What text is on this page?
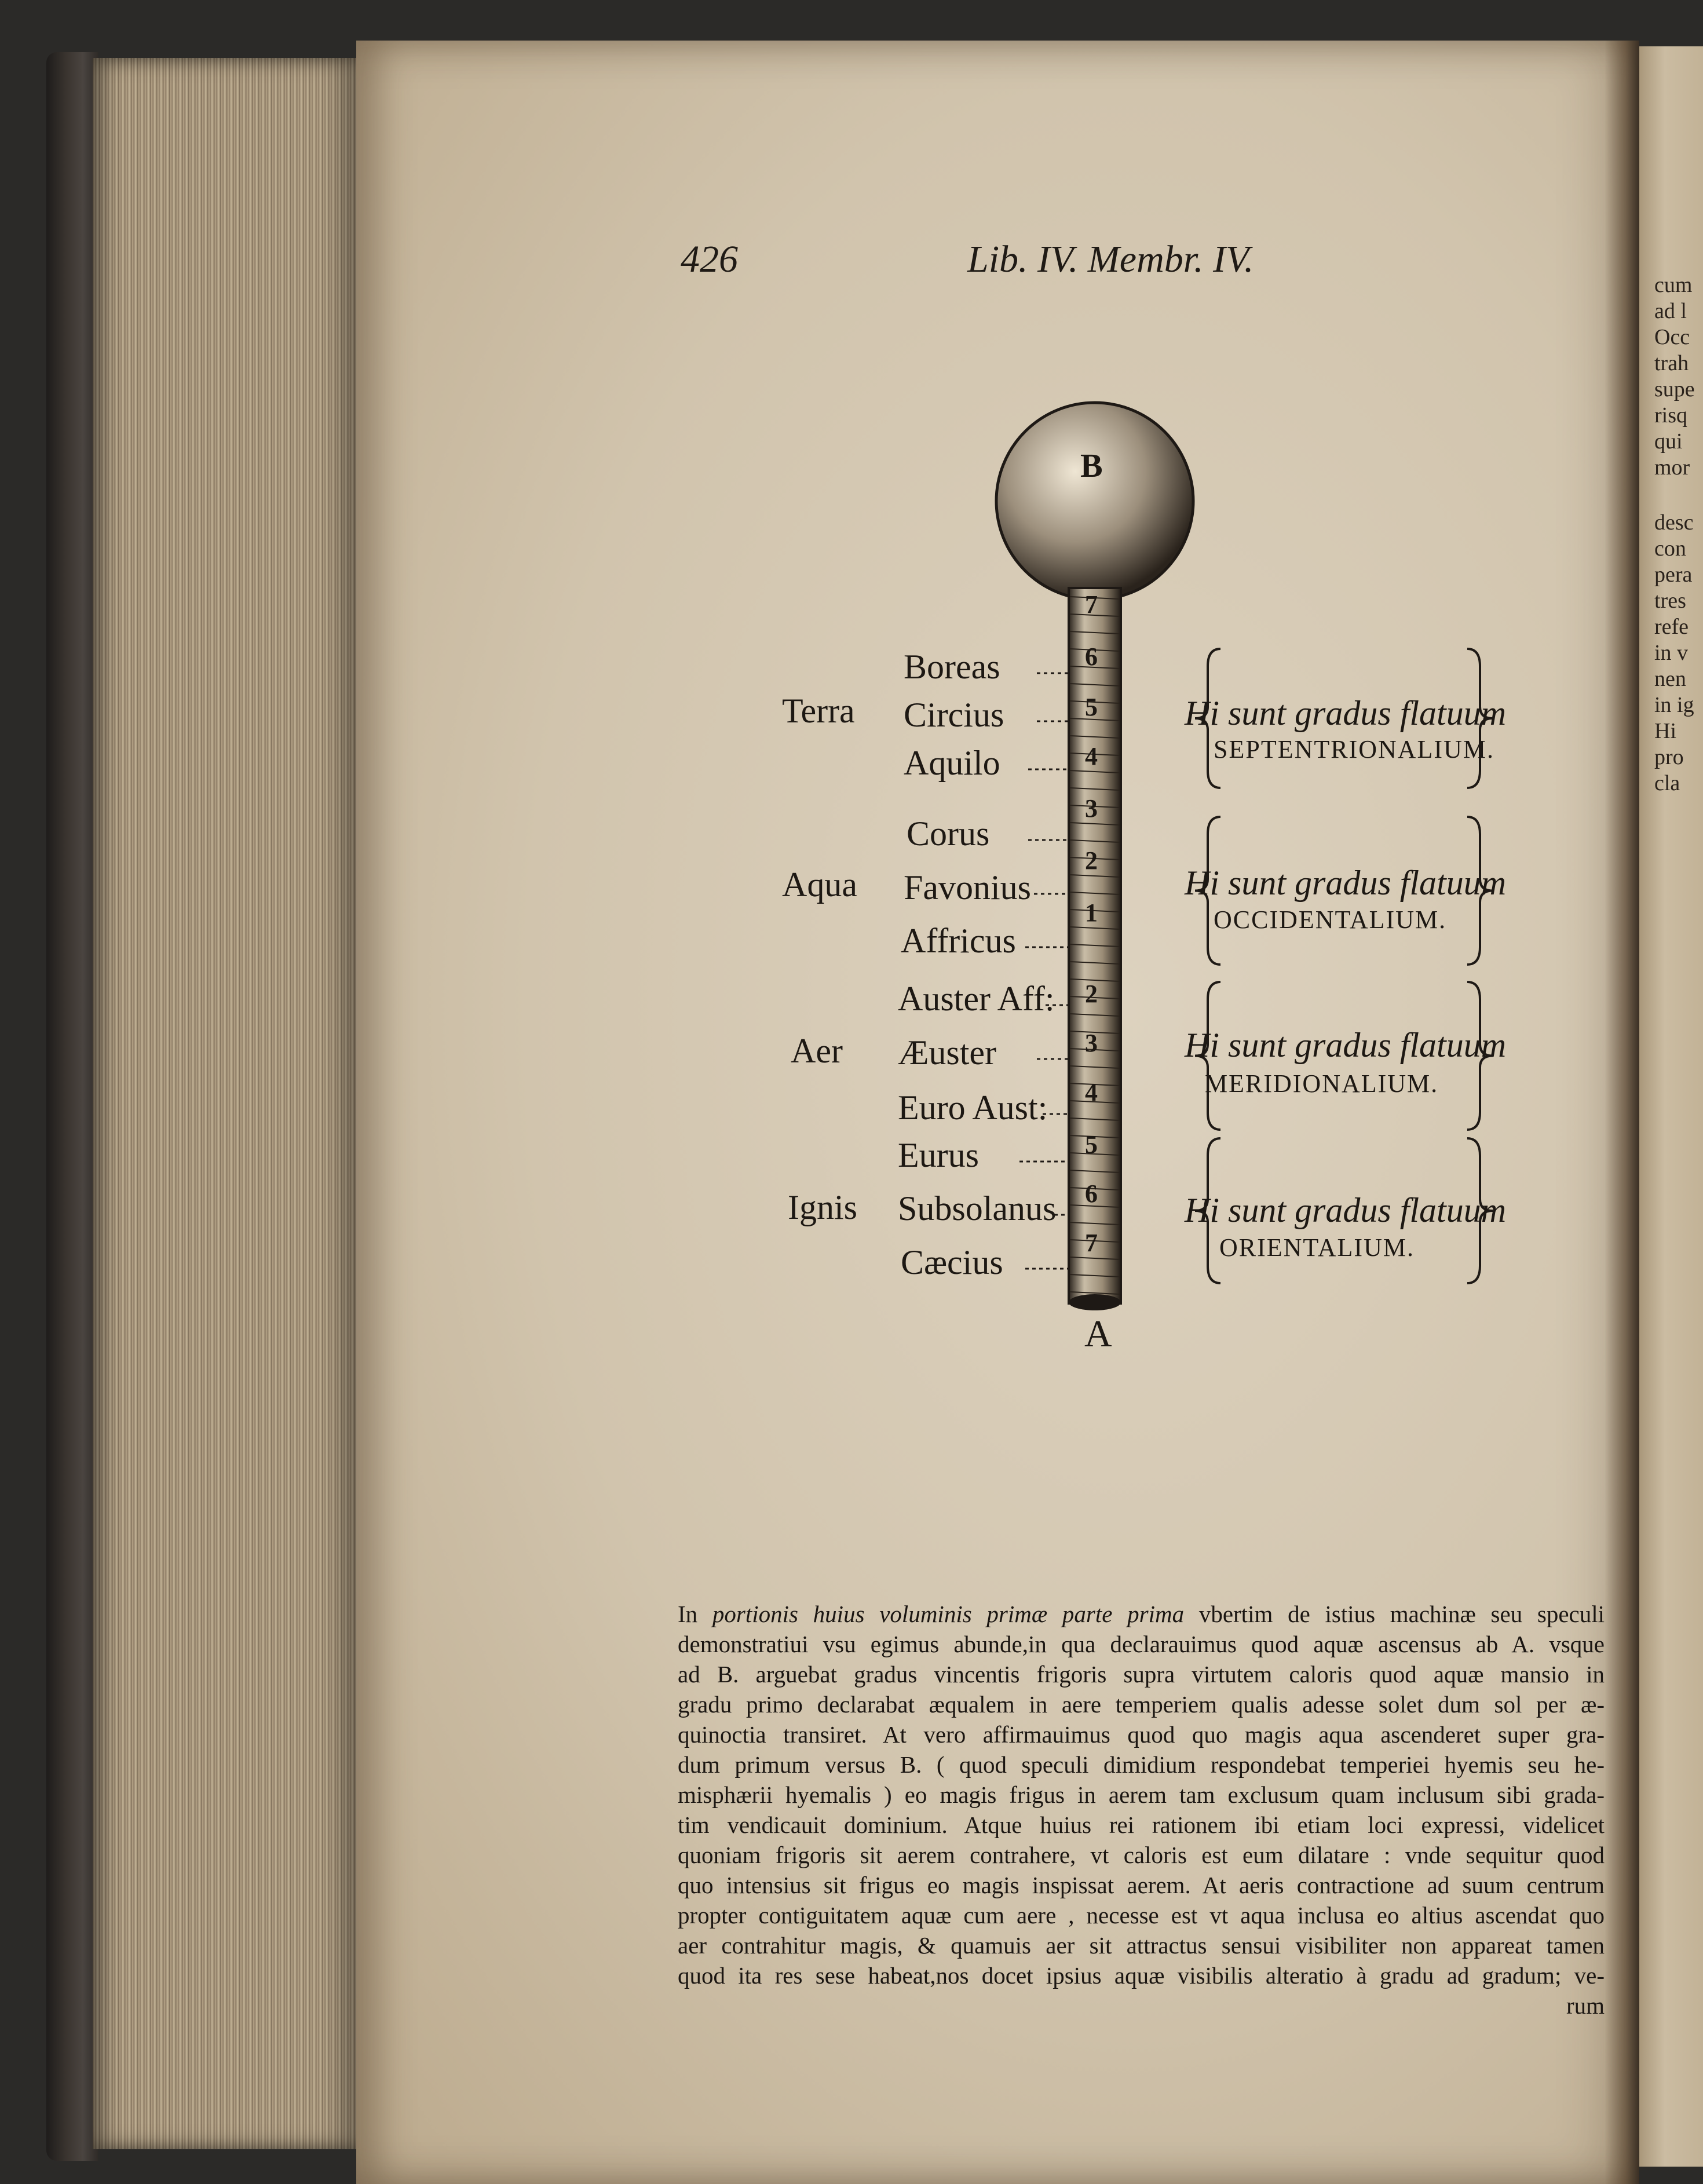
426	Lib. IV. Membr. IV.
B
A
7
6
5
4
3
2
1
2
3
4
5
6
7
Terra
Boreas
Circius
Aquilo
Hi sunt gradus flatuum
SEPTENTRIONALIUM.
Aqua
Corus
Favonius
Affricus
Hi sunt gradus flatuum
OCCIDENTALIUM.
Aer
Auster Aff:
Æuster
Euro Aust:
Hi sunt gradus flatuum
MERIDIONALIUM.
Ignis
Eurus
Subsolanus
Cæcius
Hi sunt gradus flatuum
ORIENTALIUM.
In portionis huius voluminis primæ parte prima vbertim de istius machinæ seu speculi
demonstratiui vsu egimus abunde,in qua declarauimus quod aquæ ascensus ab A. vsque
ad B. arguebat gradus vincentis frigoris supra virtutem caloris quod aquæ mansio in
gradu primo declarabat æqualem in aere temperiem qualis adesse solet dum sol per æ-
quinoctia transiret. At vero affirmauimus quod quo magis aqua ascenderet super gra-
dum primum versus B. ( quod speculi dimidium respondebat temperiei hyemis seu he-
misphærii hyemalis ) eo magis frigus in aerem tam exclusum quam inclusum sibi grada-
tim vendicauit dominium. Atque huius rei rationem ibi etiam loci expressi, videlicet
quoniam frigoris sit aerem contrahere, vt caloris est eum dilatare : vnde sequitur quod
quo intensius sit frigus eo magis inspissat aerem. At aeris contractione ad suum centrum
propter contiguitatem aquæ cum aere , necesse est vt aqua inclusa eo altius ascendat quo
aer contrahitur magis, & quamuis aer sit attractus sensui visibiliter non appareat tamen
quod ita res sese habeat,nos docet ipsius aquæ visibilis alteratio à gradu ad gradum; ve-
rum
cum
ad l
Occ
trah
supe
risq
qui
mor
desc
con
pera
tres
refe
in v
nen
in ig
Hi
pro
cla
